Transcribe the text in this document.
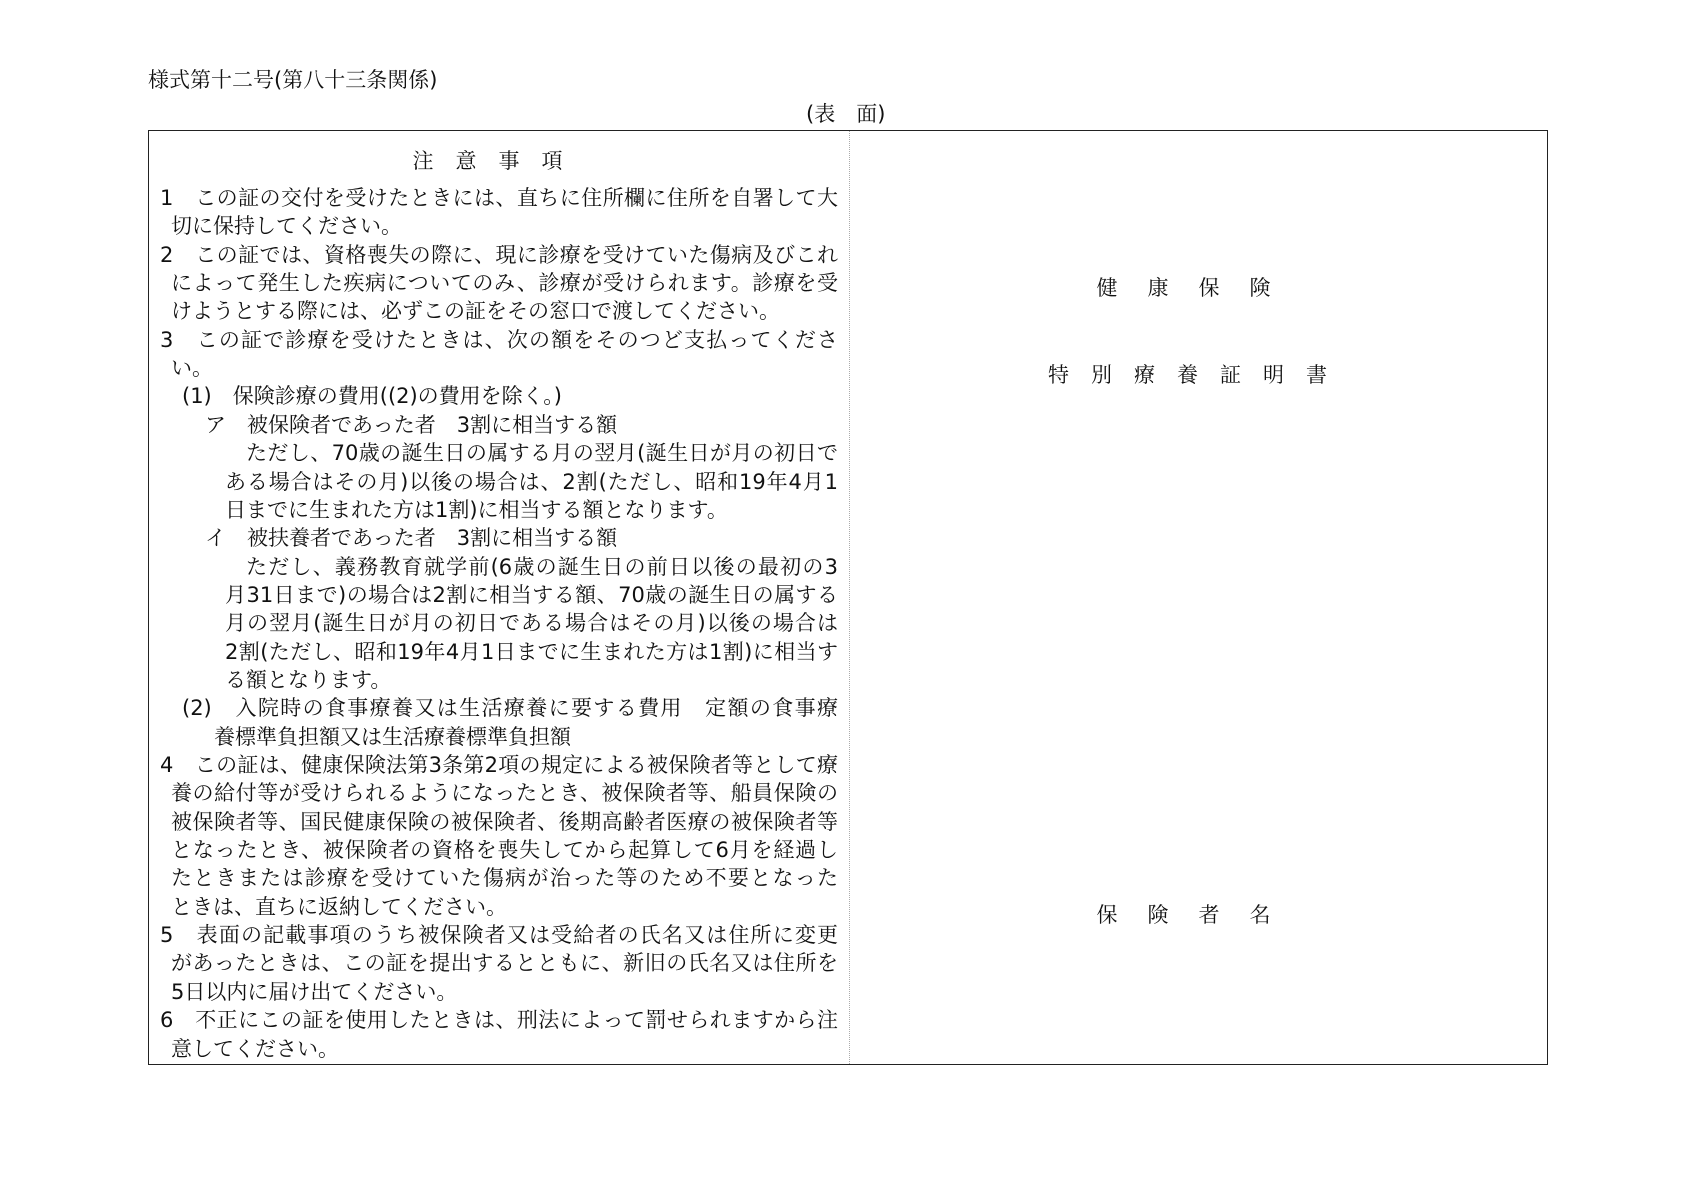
様式第十二号(第八十三条関係)
(表　面)
注意事項
1　この証の交付を受けたときには、直ちに住所欄に住所を自署して大
切に保持してください。
2　この証では、資格喪失の際に、現に診療を受けていた傷病及びこれ
によって発生した疾病についてのみ、診療が受けられます。診療を受
けようとする際には、必ずこの証をその窓口で渡してください。
3　この証で診療を受けたときは、次の額をそのつど支払ってくださ
い。
(1)　保険診療の費用((2)の費用を除く。)
ア　被保険者であった者　3割に相当する額
ただし、70歳の誕生日の属する月の翌月(誕生日が月の初日で
ある場合はその月)以後の場合は、2割(ただし、昭和19年4月1
日までに生まれた方は1割)に相当する額となります。
イ　被扶養者であった者　3割に相当する額
ただし、義務教育就学前(6歳の誕生日の前日以後の最初の3
月31日まで)の場合は2割に相当する額、70歳の誕生日の属する
月の翌月(誕生日が月の初日である場合はその月)以後の場合は
2割(ただし、昭和19年4月1日までに生まれた方は1割)に相当す
る額となります。
(2)　入院時の食事療養又は生活療養に要する費用　定額の食事療
養標準負担額又は生活療養標準負担額
4　この証は、健康保険法第3条第2項の規定による被保険者等として療
養の給付等が受けられるようになったとき、被保険者等、船員保険の
被保険者等、国民健康保険の被保険者、後期高齢者医療の被保険者等
となったとき、被保険者の資格を喪失してから起算して6月を経過し
たときまたは診療を受けていた傷病が治った等のため不要となった
ときは、直ちに返納してください。
5　表面の記載事項のうち被保険者又は受給者の氏名又は住所に変更
があったときは、この証を提出するとともに、新旧の氏名又は住所を
5日以内に届け出てください。
6　不正にこの証を使用したときは、刑法によって罰せられますから注
意してください。
健康保険
特別療養証明書
保険者名
